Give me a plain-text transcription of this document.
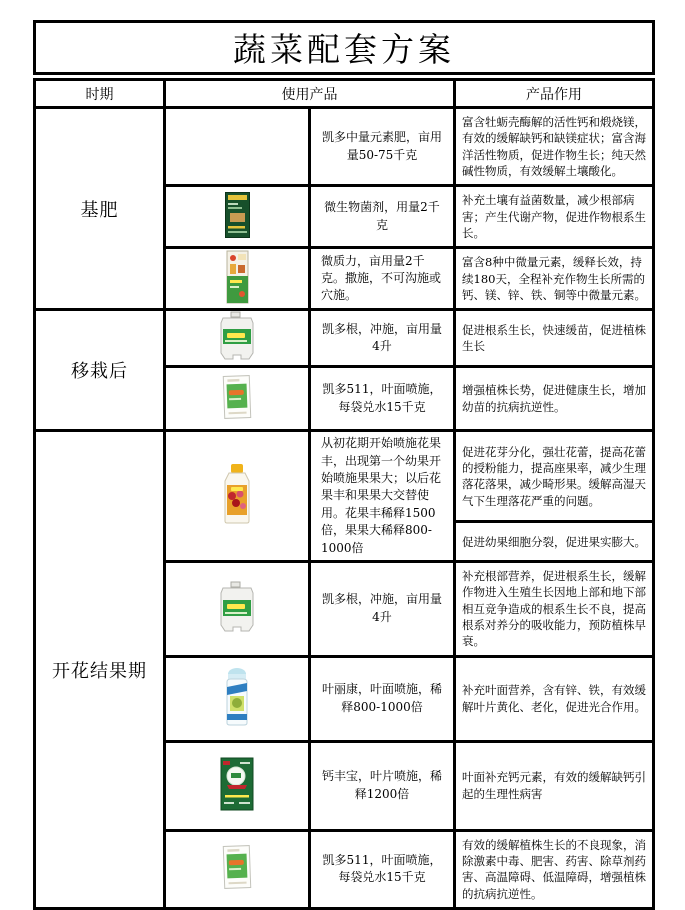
蔬菜配套方案
时期	使用产品		产品作用
基肥		凯多中量元素肥，亩用量50-75千克	富含牡蛎壳酶解的活性钙和煅烧镁，有效的缓解缺钙和缺镁症状；富含海洋活性物质，促进作物生长；纯天然碱性物质，有效缓解土壤酸化。
	微生物菌剂，用量2千克	补充土壤有益菌数量，减少根部病害；产生代谢产物，促进作物根系生长。
	微质力，亩用量2千克。撒施，不可沟施或穴施。	富含8种中微量元素，缓释长效，持续180天，全程补充作物生长所需的钙、镁、锌、铁、铜等中微量元素。
移栽后		凯多根，冲施，亩用量4升	促进根系生长，快速缓苗，促进植株生长
	凯多511，叶面喷施，每袋兑水15千克	增强植株长势，促进健康生长，增加幼苗的抗病抗逆性。
开花结果期		从初花期开始喷施花果丰，出现第一个幼果开始喷施果果大；以后花果丰和果果大交替使用。花果丰稀释1500倍，果果大稀释800-1000倍	促进花芽分化，强壮花蕾，提高花蕾的授粉能力，提高座果率，减少生理落花落果，减少畸形果。缓解高湿天气下生理落花严重的问题。
			促进幼果细胞分裂，促进果实膨大。
	凯多根，冲施，亩用量4升	补充根部营养，促进根系生长，缓解作物进入生殖生长因地上部和地下部相互竞争造成的根系生长不良，提高根系对养分的吸收能力，预防植株早衰。
	叶丽康，叶面喷施，稀释800-1000倍	补充叶面营养，含有锌、铁，有效缓解叶片黄化、老化，促进光合作用。
	钙丰宝，叶片喷施，稀释1200倍	叶面补充钙元素，有效的缓解缺钙引起的生理性病害
	凯多511，叶面喷施，每袋兑水15千克	有效的缓解植株生长的不良现象，消除激素中毒、肥害、药害、除草剂药害、高温障碍、低温障碍，增强植株的抗病抗逆性。
